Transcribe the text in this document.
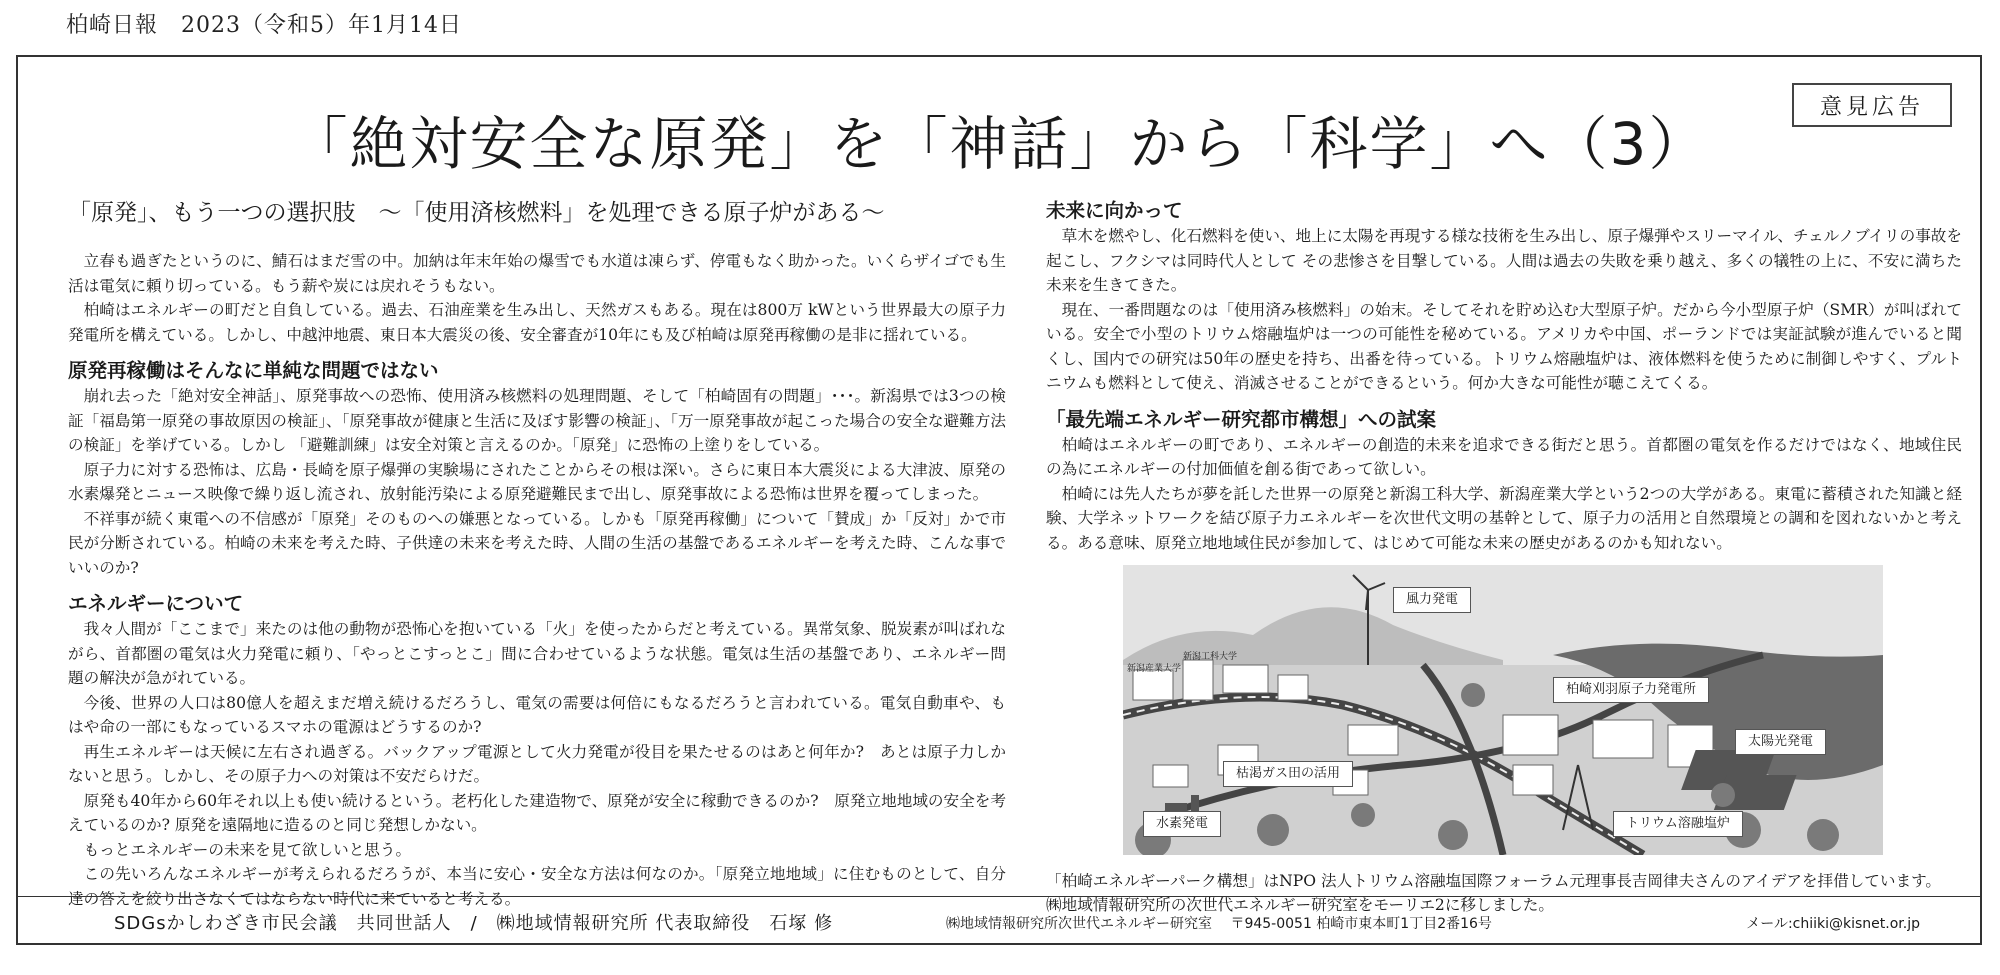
柏崎日報　2023（令和5）年1月14日
意見広告
「絶対安全な原発」を「神話」から「科学」へ（3）

「原発」、もう一つの選択肢　～「使用済核燃料」を処理できる原子炉がある～

立春も過ぎたというのに、鯖石はまだ雪の中。加納は年末年始の爆雪でも水道は凍らず、停電もなく助かった。いくらザイゴでも生活は電気に頼り切っている。もう薪や炭には戻れそうもない。

柏崎はエネルギーの町だと自負している。過去、石油産業を生み出し、天然ガスもある。現在は800万 kWという世界最大の原子力発電所を構えている。しかし、中越沖地震、東日本大震災の後、安全審査が10年にも及び柏崎は原発再稼働の是非に揺れている。

原発再稼働はそんなに単純な問題ではない

崩れ去った「絶対安全神話」、原発事故への恐怖、使用済み核燃料の処理問題、そして「柏崎固有の問題」･･･。新潟県では3つの検証「福島第一原発の事故原因の検証」、「原発事故が健康と生活に及ぼす影響の検証」、「万一原発事故が起こった場合の安全な避難方法の検証」を挙げている。しかし 「避難訓練」は安全対策と言えるのか。「原発」に恐怖の上塗りをしている。

原子力に対する恐怖は、広島・長崎を原子爆弾の実験場にされたことからその根は深い。さらに東日本大震災による大津波、原発の水素爆発とニュース映像で繰り返し流され、放射能汚染による原発避難民まで出し、原発事故による恐怖は世界を覆ってしまった。

不祥事が続く東電への不信感が「原発」そのものへの嫌悪となっている。しかも「原発再稼働」について「賛成」か「反対」かで市民が分断されている。柏崎の未来を考えた時、子供達の未来を考えた時、人間の生活の基盤であるエネルギーを考えた時、こんな事でいいのか?

エネルギーについて

我々人間が「ここまで」来たのは他の動物が恐怖心を抱いている「火」を使ったからだと考えている。異常気象、脱炭素が叫ばれながら、首都圏の電気は火力発電に頼り、「やっとこすっとこ」間に合わせているような状態。電気は生活の基盤であり、エネルギー問題の解決が急がれている。

今後、世界の人口は80億人を超えまだ増え続けるだろうし、電気の需要は何倍にもなるだろうと言われている。電気自動車や、もはや命の一部にもなっているスマホの電源はどうするのか?

再生エネルギーは天候に左右され過ぎる。バックアップ電源として火力発電が役目を果たせるのはあと何年か?　あとは原子力しかないと思う。しかし、その原子力への対策は不安だらけだ。

原発も40年から60年それ以上も使い続けるという。老朽化した建造物で、原発が安全に稼動できるのか?　原発立地地域の安全を考えているのか? 原発を遠隔地に造るのと同じ発想しかない。

もっとエネルギーの未来を見て欲しいと思う。

この先いろんなエネルギーが考えられるだろうが、本当に安心・安全な方法は何なのか。「原発立地地域」に住むものとして、自分達の答えを絞り出さなくてはならない時代に来ていると考える。

未来に向かって

草木を燃やし、化石燃料を使い、地上に太陽を再現する様な技術を生み出し、原子爆弾やスリーマイル、チェルノブイリの事故を起こし、フクシマは同時代人として その悲惨さを目撃している。人間は過去の失敗を乗り越え、多くの犠牲の上に、不安に満ちた未来を生きてきた。

現在、一番問題なのは「使用済み核燃料」の始末。そしてそれを貯め込む大型原子炉。だから今小型原子炉（SMR）が叫ばれている。安全で小型のトリウム熔融塩炉は一つの可能性を秘めている。アメリカや中国、ポーランドでは実証試験が進んでいると聞くし、国内での研究は50年の歴史を持ち、出番を待っている。トリウム熔融塩炉は、液体燃料を使うために制御しやすく、プルトニウムも燃料として使え、消滅させることができるという。何か大きな可能性が聴こえてくる。

「最先端エネルギー研究都市構想」への試案

柏崎はエネルギーの町であり、エネルギーの創造的未来を追求できる街だと思う。首都圏の電気を作るだけではなく、地域住民の為にエネルギーの付加価値を創る街であって欲しい。

柏崎には先人たちが夢を託した世界一の原発と新潟工科大学、新潟産業大学という2つの大学がある。東電に蓄積された知識と経験、大学ネットワークを結び原子力エネルギーを次世代文明の基幹として、原子力の活用と自然環境との調和を図れないかと考える。ある意味、原発立地地域住民が参加して、はじめて可能な未来の歴史があるのかも知れない。

風力発電
柏崎刈羽原子力発電所
太陽光発電
枯渇ガス田の活用
水素発電	トリウム溶融塩炉
新潟産業大学
新潟工科大学

「柏崎エネルギーパーク構想」はNPO 法人トリウム溶融塩国際フォーラム元理事長吉岡律夫さんのアイデアを拝借しています。

㈱地域情報研究所の次世代エネルギー研究室をモーリエ2に移しました。

SDGsかしわざき市民会議　共同世話人　/　㈱地域情報研究所 代表取締役　石塚 修	㈱地域情報研究所次世代エネルギー研究室　 〒945-0051 柏崎市東本町1丁目2番16号	メール:chiiki@kisnet.or.jp
